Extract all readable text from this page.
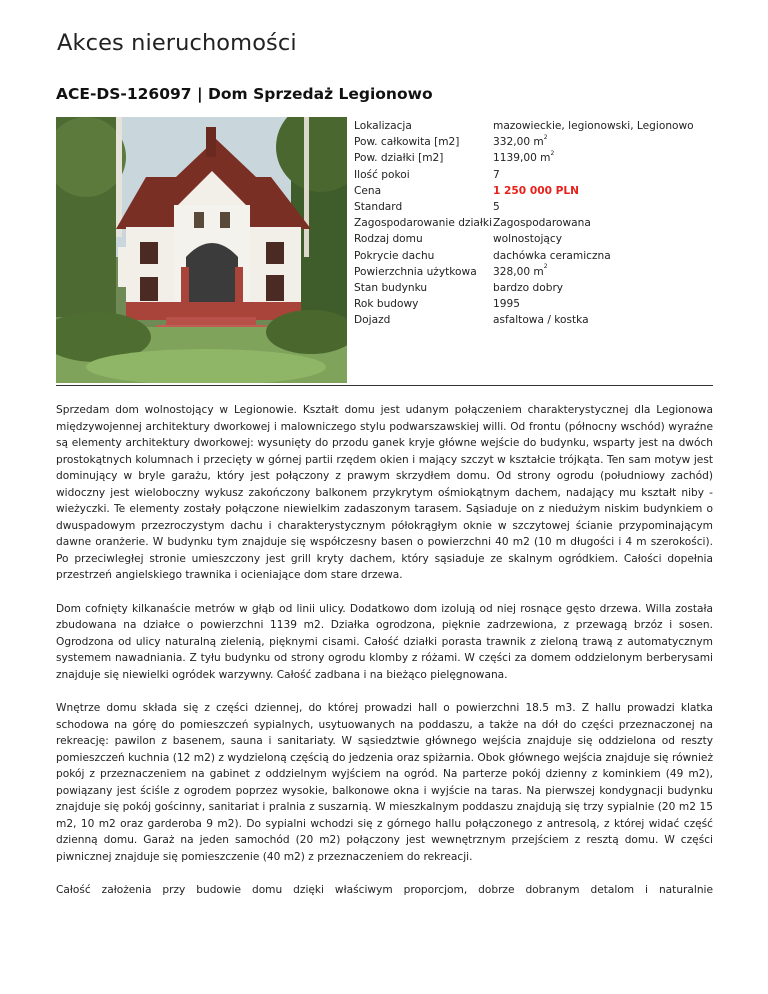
Akces nieruchomości
ACE-DS-126097 | Dom Sprzedaż Legionowo
Lokalizacja	mazowieckie, legionowski, Legionowo
Pow. całkowita [m2]	332,00 $m^2$
Pow. działki [m2]	1139,00 $m^2$
Ilość pokoi	7
Cena	1 250 000 PLN
Standard	5
Zagospodarowanie działki	Zagospodarowana
Rodzaj domu	wolnostojący
Pokrycie dachu	dachówka ceramiczna
Powierzchnia użytkowa	328,00 $m^2$
Stan budynku	bardzo dobry
Rok budowy	1995
Dojazd	asfaltowa / kostka

Sprzedam dom wolnostojący w Legionowie. Kształt domu jest udanym połączeniem charakterystycznej dla Legionowa międzywojennej architektury dworkowej i malowniczego stylu podwarszawskiej willi. Od frontu (północny wschód) wyraźne są elementy architektury dworkowej: wysunięty do przodu ganek kryje główne wejście do budynku, wsparty jest na dwóch prostokątnych kolumnach i przecięty w górnej partii rzędem okien i mający szczyt w kształcie trójkąta. Ten sam motyw jest dominujący w bryle garażu, który jest połączony z prawym skrzydłem domu. Od strony ogrodu (południowy zachód) widoczny jest wieloboczny wykusz zakończony balkonem przykrytym ośmiokątnym dachem, nadający mu kształt niby - wieżyczki. Te elementy zostały połączone niewielkim zadaszonym tarasem. Sąsiaduje on z niedużym niskim budynkiem o dwuspadowym przezroczystym dachu i charakterystycznym półokrągłym oknie w szczytowej ścianie przypominającym dawne oranżerie. W budynku tym znajduje się współczesny basen o powierzchni 40 m2 (10 m długości i 4 m szerokości). Po przeciwległej stronie umieszczony jest grill kryty dachem, który sąsiaduje ze skalnym ogródkiem. Całości dopełnia przestrzeń angielskiego trawnika i ocieniające dom stare drzewa.

Dom cofnięty kilkanaście metrów w głąb od linii ulicy. Dodatkowo dom izolują od niej rosnące gęsto drzewa. Willa została zbudowana na działce o powierzchni 1139 m2. Działka ogrodzona, pięknie zadrzewiona, z przewagą brzóz i sosen. Ogrodzona od ulicy naturalną zielenią, pięknymi cisami. Całość działki porasta trawnik z zieloną trawą z automatycznym systemem nawadniania. Z tyłu budynku od strony ogrodu klomby z różami. W części za domem oddzielonym berberysami znajduje się niewielki ogródek warzywny. Całość zadbana i na bieżąco pielęgnowana.

Wnętrze domu składa się z części dziennej, do której prowadzi hall o powierzchni 18.5 m3. Z hallu prowadzi klatka schodowa na górę do pomieszczeń sypialnych, usytuowanych na poddaszu, a także na dół do części przeznaczonej na rekreację: pawilon z basenem, sauna i sanitariaty. W sąsiedztwie głównego wejścia znajduje się oddzielona od reszty pomieszczeń kuchnia (12 m2) z wydzieloną częścią do jedzenia oraz spiżarnia. Obok głównego wejścia znajduje się również pokój z przeznaczeniem na gabinet z oddzielnym wyjściem na ogród. Na parterze pokój dzienny z kominkiem (49 m2), powiązany jest ściśle z ogrodem poprzez wysokie, balkonowe okna i wyjście na taras. Na pierwszej kondygnacji budynku znajduje się pokój gościnny, sanitariat i pralnia z suszarnią. W mieszkalnym poddaszu znajdują się trzy sypialnie (20 m2 15 m2, 10 m2 oraz garderoba 9 m2). Do sypialni wchodzi się z górnego hallu połączonego z antresolą, z której widać część dzienną domu. Garaż na jeden samochód (20 m2) połączony jest wewnętrznym przejściem z resztą domu. W części piwnicznej znajduje się pomieszczenie (40 m2) z przeznaczeniem do rekreacji.

Całość założenia przy budowie domu dzięki właściwym proporcjom, dobrze dobranym detalom i naturalnie
